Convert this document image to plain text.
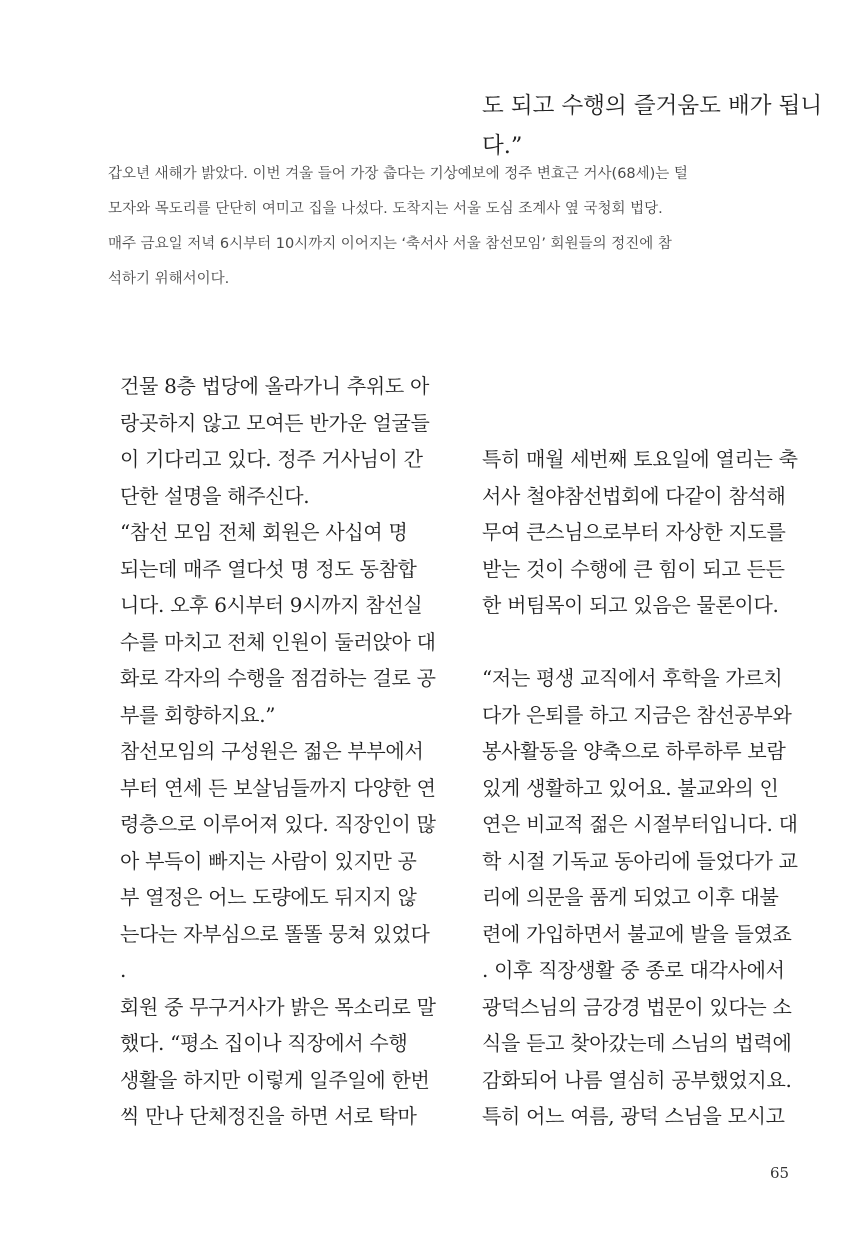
도 되고 수행의 즐거움도 배가 됩니
다.”
갑오년 새해가 밝았다. 이번 겨울 들어 가장 춥다는 기상예보에 정주 변효근 거사(68세)는 털
모자와 목도리를 단단히 여미고 집을 나섰다. 도착지는 서울 도심 조계사 옆 국청회 법당.
매주 금요일 저녁 6시부터 10시까지 이어지는 ‘축서사 서울 참선모임’ 회원들의 정진에 참
석하기 위해서이다.
건물 8층 법당에 올라가니 추위도 아
랑곳하지 않고 모여든 반가운 얼굴들
이 기다리고 있다. 정주 거사님이 간
단한 설명을 해주신다.
“참선 모임 전체 회원은 사십여 명
되는데 매주 열다섯 명 정도 동참합
니다. 오후 6시부터 9시까지 참선실
수를 마치고 전체 인원이 둘러앉아 대
화로 각자의 수행을 점검하는 걸로 공
부를 회향하지요.”
참선모임의 구성원은 젊은 부부에서
부터 연세 든 보살님들까지 다양한 연
령층으로 이루어져 있다. 직장인이 많
아 부득이 빠지는 사람이 있지만 공
부 열정은 어느 도량에도 뒤지지 않
는다는 자부심으로 똘똘 뭉쳐 있었다
.
회원 중 무구거사가 밝은 목소리로 말
했다. “평소 집이나 직장에서 수행
생활을 하지만 이렇게 일주일에 한번
씩 만나 단체정진을 하면 서로 탁마
특히 매월 세번째 토요일에 열리는 축
서사 철야참선법회에 다같이 참석해
무여 큰스님으로부터 자상한 지도를
받는 것이 수행에 큰 힘이 되고 든든
한 버팀목이 되고 있음은 물론이다.
“저는 평생 교직에서 후학을 가르치
다가 은퇴를 하고 지금은 참선공부와
봉사활동을 양축으로 하루하루 보람
있게 생활하고 있어요. 불교와의 인
연은 비교적 젊은 시절부터입니다. 대
학 시절 기독교 동아리에 들었다가 교
리에 의문을 품게 되었고 이후 대불
련에 가입하면서 불교에 발을 들였죠
. 이후 직장생활 중 종로 대각사에서
광덕스님의 금강경 법문이 있다는 소
식을 듣고 찾아갔는데 스님의 법력에
감화되어 나름 열심히 공부했었지요.
특히 어느 여름, 광덕 스님을 모시고
65
